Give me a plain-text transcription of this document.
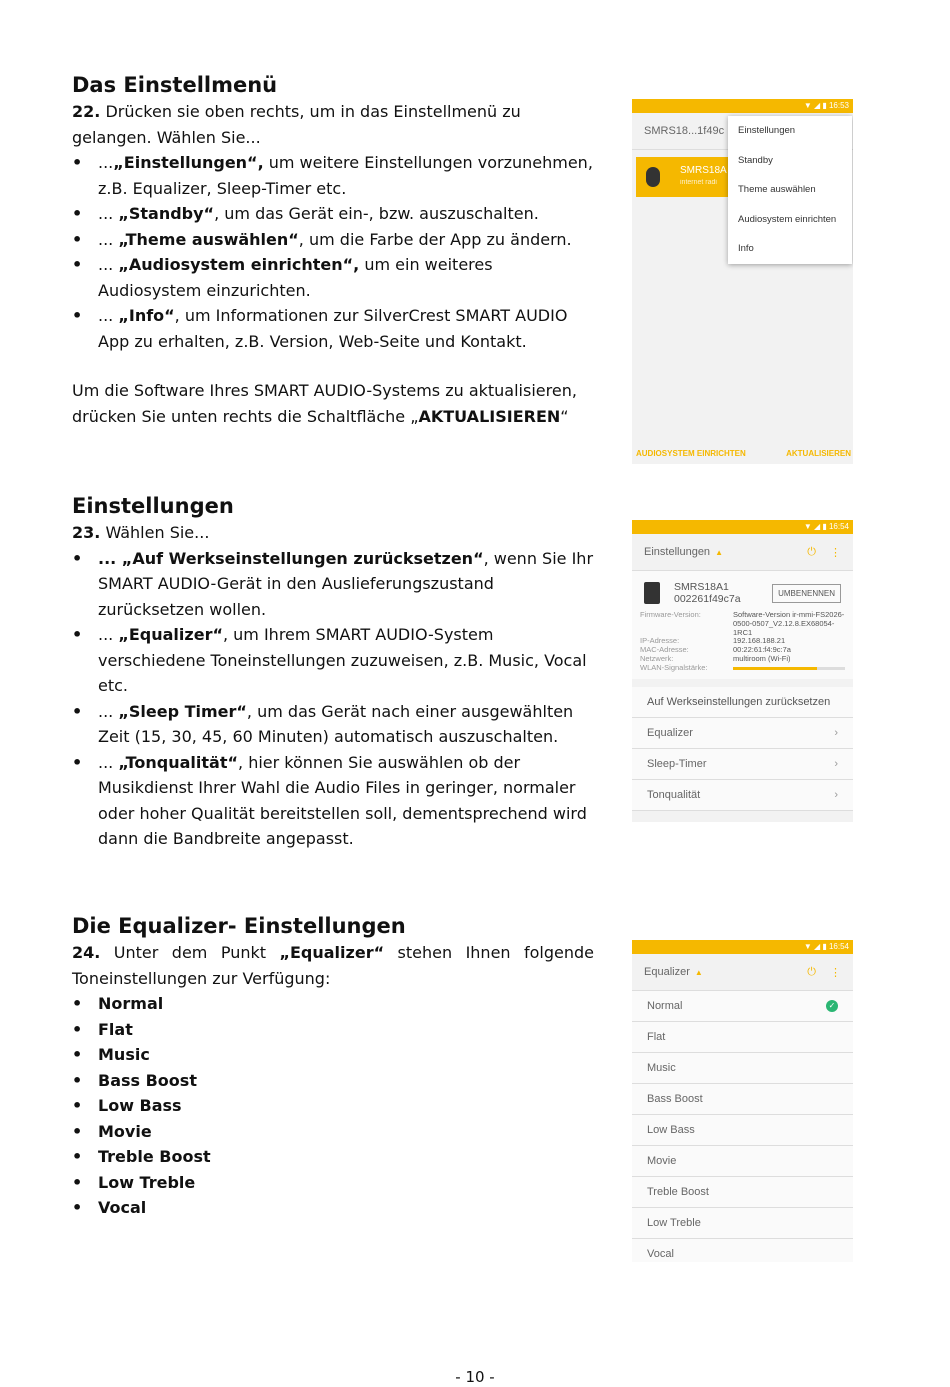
Das Einstellmenü

22. Drücken sie oben rechts, um in das Einstellmenü zu gelangen. Wählen Sie...

• ...„Einstellungen“, um weitere Einstellungen vorzunehmen, z.B. Equalizer, Sleep-Timer etc.
• ... „Standby“, um das Gerät ein-, bzw. auszuschalten.
• ... „Theme auswählen“, um die Farbe der App zu ändern.
• ... „Audiosystem einrichten“, um ein weiteres Audiosystem einzurichten.
• ... „Info“, um Informationen zur SilverCrest SMART AUDIO App zu erhalten, z.B. Version, Web-Seite und Kontakt.

Um die Software Ihres SMART AUDIO-Systems zu aktualisieren, drücken Sie unten rechts die Schaltfläche „AKTUALISIEREN“

▼ ◢ ▮ 16:53
SMRS18...1f49c
SMRS18A
internet radi
Einstellungen
Standby
Theme auswählen
Audiosystem einrichten
Info
AUDIOSYSTEM EINRICHTEN	AKTUALISIEREN
Einstellungen

23. Wählen Sie...

• ... „Auf Werkseinstellungen zurücksetzen“, wenn Sie Ihr SMART AUDIO-Gerät in den Auslieferungszustand zurücksetzen wollen.
• ... „Equalizer“, um Ihrem SMART AUDIO-System verschiedene Toneinstellungen zuzuweisen, z.B. Music, Vocal etc.
• ... „Sleep Timer“, um das Gerät nach einer ausgewählten Zeit (15, 30, 45, 60 Minuten) automatisch auszuschalten.
• ... „Tonqualität“, hier können Sie auswählen ob der Musikdienst Ihrer Wahl die Audio Files in geringer, normaler oder hoher Qualität bereitstellen soll, dementsprechend wird dann die Bandbreite angepasst.
▼ ◢ ▮ 16:54
Einstellungen ▲	⏻ ⋮
SMRS18A1
002261f49c7a	UMBENENNEN
Firmware-Version:	Software-Version ir-mmi-FS2026-0500-0507_V2.12.8.EX68054-1RC1
IP-Adresse:	192.168.188.21
MAC-Adresse:	00:22:61:f4:9c:7a
Netzwerk:	multiroom (Wi-Fi)
WLAN-Signalstärke:
Auf Werkseinstellungen zurücksetzen
Equalizer	›
Sleep-Timer	›
Tonqualität	›
Die Equalizer- Einstellungen

24. Unter dem Punkt „Equalizer“ stehen Ihnen folgende

Toneinstellungen zur Verfügung:

• Normal
• Flat
• Music
• Bass Boost
• Low Bass
• Movie
• Treble Boost
• Low Treble
• Vocal
▼ ◢ ▮ 16:54
Equalizer ▲	⏻ ⋮
Normal	✓
Flat
Music
Bass Boost
Low Bass
Movie
Treble Boost
Low Treble
Vocal
- 10 -
